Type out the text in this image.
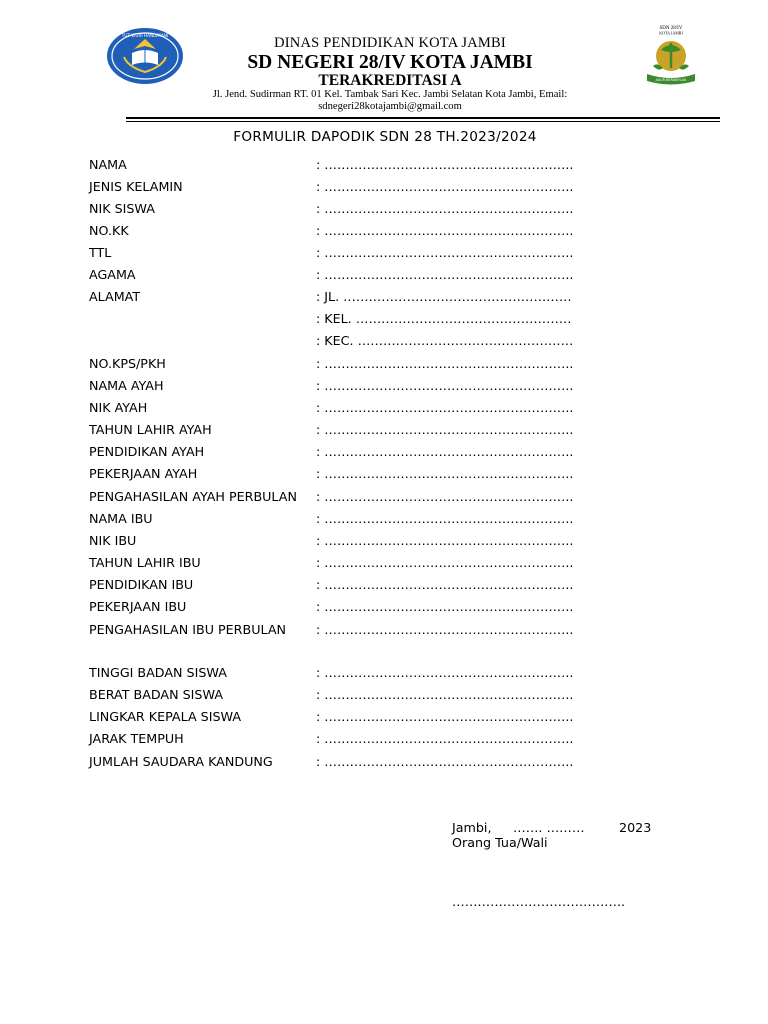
TUT WURI HANDAYANI
SDN 28/IV
KOTA JAMBI
JUJUR BERAKHLAK
DINAS PENDIDIKAN KOTA JAMBI
SD NEGERI 28/IV KOTA JAMBI
TERAKREDITASI A
Jl. Jend. Sudirman RT. 01 Kel. Tambak Sari Kec. Jambi Selatan Kota Jambi, Email:
sdnegeri28kotajambi@gmail.com
FORMULIR DAPODIK SDN 28 TH.2023/2024
NAMA	: …………………………………………………..
JENIS KELAMIN	: …………………………………………………..
NIK SISWA	: …………………………………………………..
NO.KK	: …………………………………………………..
TTL	: …………………………………………………..
AGAMA	: …………………………………………………..
ALAMAT	: JL. ………………………………………………
: KEL. ……………………………………………
: KEC. ……………………………………………
NO.KPS/PKH	: …………………………………………………..
NAMA AYAH	: …………………………………………………..
NIK AYAH	: …………………………………………………..
TAHUN LAHIR AYAH	: …………………………………………………..
PENDIDIKAN AYAH	: …………………………………………………..
PEKERJAAN AYAH	: …………………………………………………..
PENGAHASILAN AYAH PERBULAN : …………………………………………………..
NAMA IBU	: …………………………………………………..
NIK IBU	: …………………………………………………..
TAHUN LAHIR IBU	: …………………………………………………..
PENDIDIKAN IBU	: …………………………………………………..
PEKERJAAN IBU	: …………………………………………………..
PENGAHASILAN IBU PERBULAN : …………………………………………………..
TINGGI BADAN SISWA	: …………………………………………………..
BERAT BADAN SISWA	: …………………………………………………..
LINGKAR KEPALA SISWA	: …………………………………………………..
JARAK TEMPUH	: …………………………………………………..
JUMLAH SAUDARA KANDUNG	: …………………………………………………..
Jambi, ……. ………	2023
Orang Tua/Wali
…………………………………..
